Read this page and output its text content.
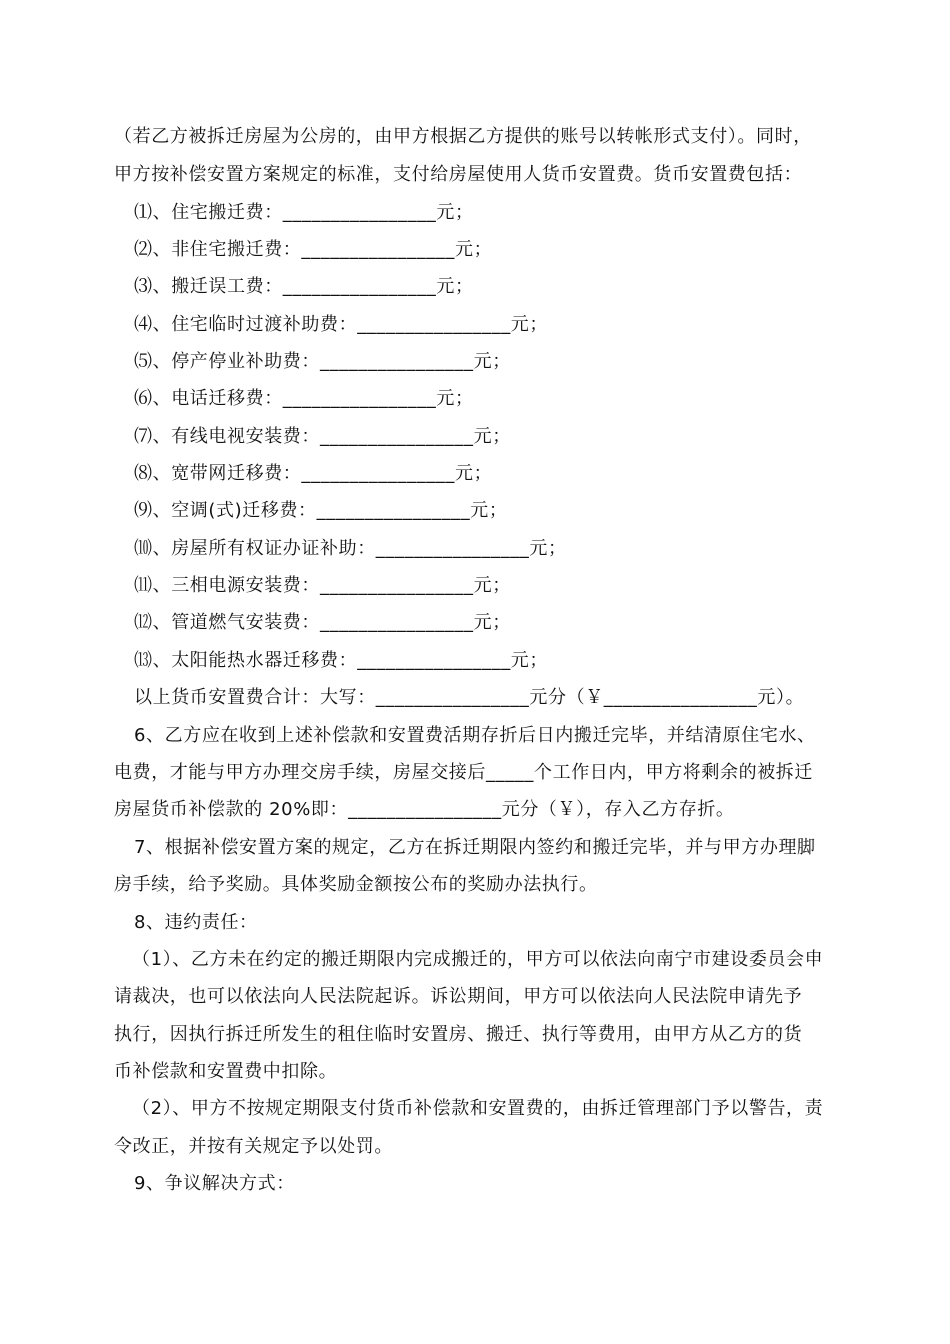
（若乙方被拆迁房屋为公房的，由甲方根据乙方提供的账号以转帐形式支付）。同时，
甲方按补偿安置方案规定的标准，支付给房屋使用人货币安置费。货币安置费包括：
⑴、住宅搬迁费：________________元；
⑵、非住宅搬迁费：________________元；
⑶、搬迁误工费：________________元；
⑷、住宅临时过渡补助费：________________元；
⑸、停产停业补助费：________________元；
⑹、电话迁移费：________________元；
⑺、有线电视安装费：________________元；
⑻、宽带网迁移费：________________元；
⑼、空调(式)迁移费：________________元；
⑽、房屋所有权证办证补助：________________元；
⑾、三相电源安装费：________________元；
⑿、管道燃气安装费：________________元；
⒀、太阳能热水器迁移费：________________元；
以上货币安置费合计：大写：________________元分（￥________________元）。
6、乙方应在收到上述补偿款和安置费活期存折后日内搬迁完毕，并结清原住宅水、
电费，才能与甲方办理交房手续，房屋交接后_____个工作日内，甲方将剩余的被拆迁
房屋货币补偿款的 20%即：________________元分（￥），存入乙方存折。
7、根据补偿安置方案的规定，乙方在拆迁期限内签约和搬迁完毕，并与甲方办理脚
房手续，给予奖励。具体奖励金额按公布的奖励办法执行。
8、违约责任：
（1）、乙方未在约定的搬迁期限内完成搬迁的，甲方可以依法向南宁市建设委员会申
请裁决，也可以依法向人民法院起诉。诉讼期间，甲方可以依法向人民法院申请先予
执行，因执行拆迁所发生的租住临时安置房、搬迁、执行等费用，由甲方从乙方的货
币补偿款和安置费中扣除。
（2）、甲方不按规定期限支付货币补偿款和安置费的，由拆迁管理部门予以警告，责
令改正，并按有关规定予以处罚。
9、争议解决方式：
